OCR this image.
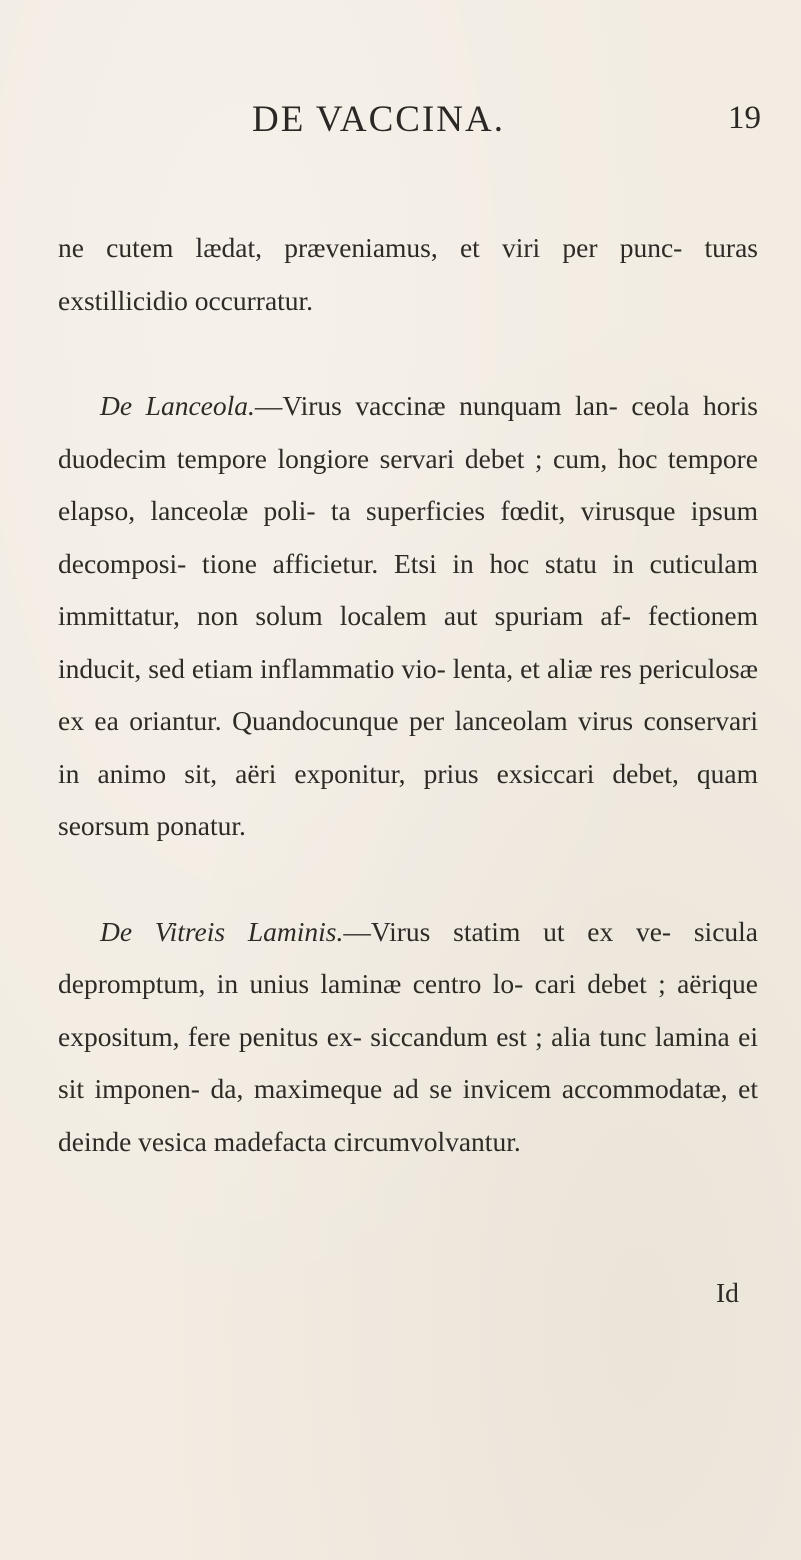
DE VACCINA.	19

ne cutem lædat, præveniamus, et viri per punc- turas exstillicidio occurratur.

De Lanceola.—Virus vaccinæ nunquam lan- ceola horis duodecim tempore longiore servari debet ; cum, hoc tempore elapso, lanceolæ poli- ta superficies fœdit, virusque ipsum decomposi- tione afficietur. Etsi in hoc statu in cuticulam immittatur, non solum localem aut spuriam af- fectionem inducit, sed etiam inflammatio vio- lenta, et aliæ res periculosæ ex ea oriantur. Quandocunque per lanceolam virus conservari in animo sit, aëri exponitur, prius exsiccari debet, quam seorsum ponatur.

De Vitreis Laminis.—Virus statim ut ex ve- sicula depromptum, in unius laminæ centro lo- cari debet ; aërique expositum, fere penitus ex- siccandum est ; alia tunc lamina ei sit imponen- da, maximeque ad se invicem accommodatæ, et deinde vesica madefacta circumvolvantur.

Id
